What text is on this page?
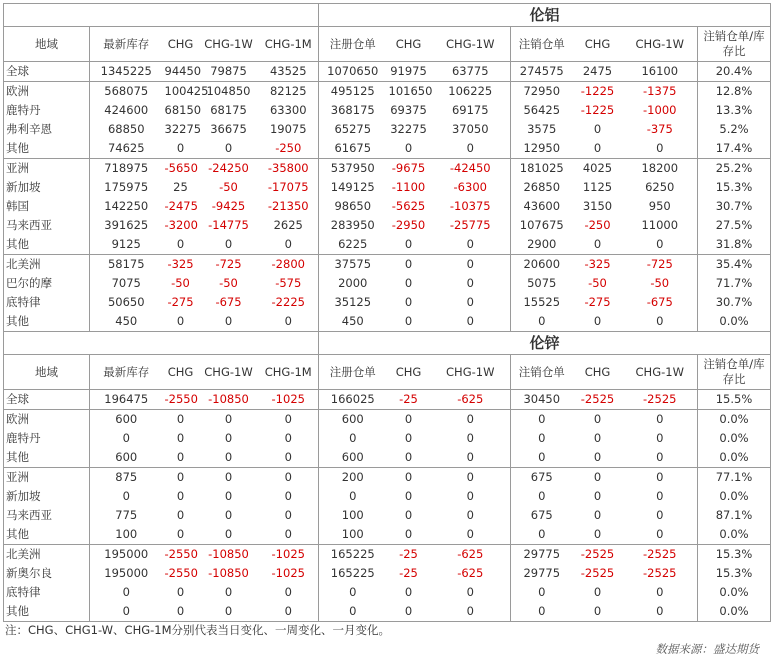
					伦铝						
地域	最新库存	CHG	CHG-1W	CHG-1M	注册仓单	CHG	CHG-1W	注销仓单	CHG	CHG-1W	注销仓单/库存比
全球	1345225	94450	79875	43525	1070650	91975	63775	274575	2475	16100	20.4%
欧洲	568075	100425	104850	82125	495125	101650	106225	72950	-1225	-1375	12.8%
鹿特丹	424600	68150	68175	63300	368175	69375	69175	56425	-1225	-1000	13.3%
弗利辛恩	68850	32275	36675	19075	65275	32275	37050	3575	0	-375	5.2%
其他	74625	0	0	-250	61675	0	0	12950	0	0	17.4%
亚洲	718975	-5650	-24250	-35800	537950	-9675	-42450	181025	4025	18200	25.2%
新加坡	175975	25	-50	-17075	149125	-1100	-6300	26850	1125	6250	15.3%
韩国	142250	-2475	-9425	-21350	98650	-5625	-10375	43600	3150	950	30.7%
马来西亚	391625	-3200	-14775	2625	283950	-2950	-25775	107675	-250	11000	27.5%
其他	9125	0	0	0	6225	0	0	2900	0	0	31.8%
北美洲	58175	-325	-725	-2800	37575	0	0	20600	-325	-725	35.4%
巴尔的摩	7075	-50	-50	-575	2000	0	0	5075	-50	-50	71.7%
底特律	50650	-275	-675	-2225	35125	0	0	15525	-275	-675	30.7%
其他	450	0	0	0	450	0	0	0	0	0	0.0%
					伦锌						
地域	最新库存	CHG	CHG-1W	CHG-1M	注册仓单	CHG	CHG-1W	注销仓单	CHG	CHG-1W	注销仓单/库存比
全球	196475	-2550	-10850	-1025	166025	-25	-625	30450	-2525	-2525	15.5%
欧洲	600	0	0	0	600	0	0	0	0	0	0.0%
鹿特丹	0	0	0	0	0	0	0	0	0	0	0.0%
其他	600	0	0	0	600	0	0	0	0	0	0.0%
亚洲	875	0	0	0	200	0	0	675	0	0	77.1%
新加坡	0	0	0	0	0	0	0	0	0	0	0.0%
马来西亚	775	0	0	0	100	0	0	675	0	0	87.1%
其他	100	0	0	0	100	0	0	0	0	0	0.0%
北美洲	195000	-2550	-10850	-1025	165225	-25	-625	29775	-2525	-2525	15.3%
新奥尔良	195000	-2550	-10850	-1025	165225	-25	-625	29775	-2525	-2525	15.3%
底特律	0	0	0	0	0	0	0	0	0	0	0.0%
其他	0	0	0	0	0	0	0	0	0	0	0.0%
注：CHG、CHG1-W、CHG-1M分别代表当日变化、一周变化、一月变化。
数据来源：盛达期货
